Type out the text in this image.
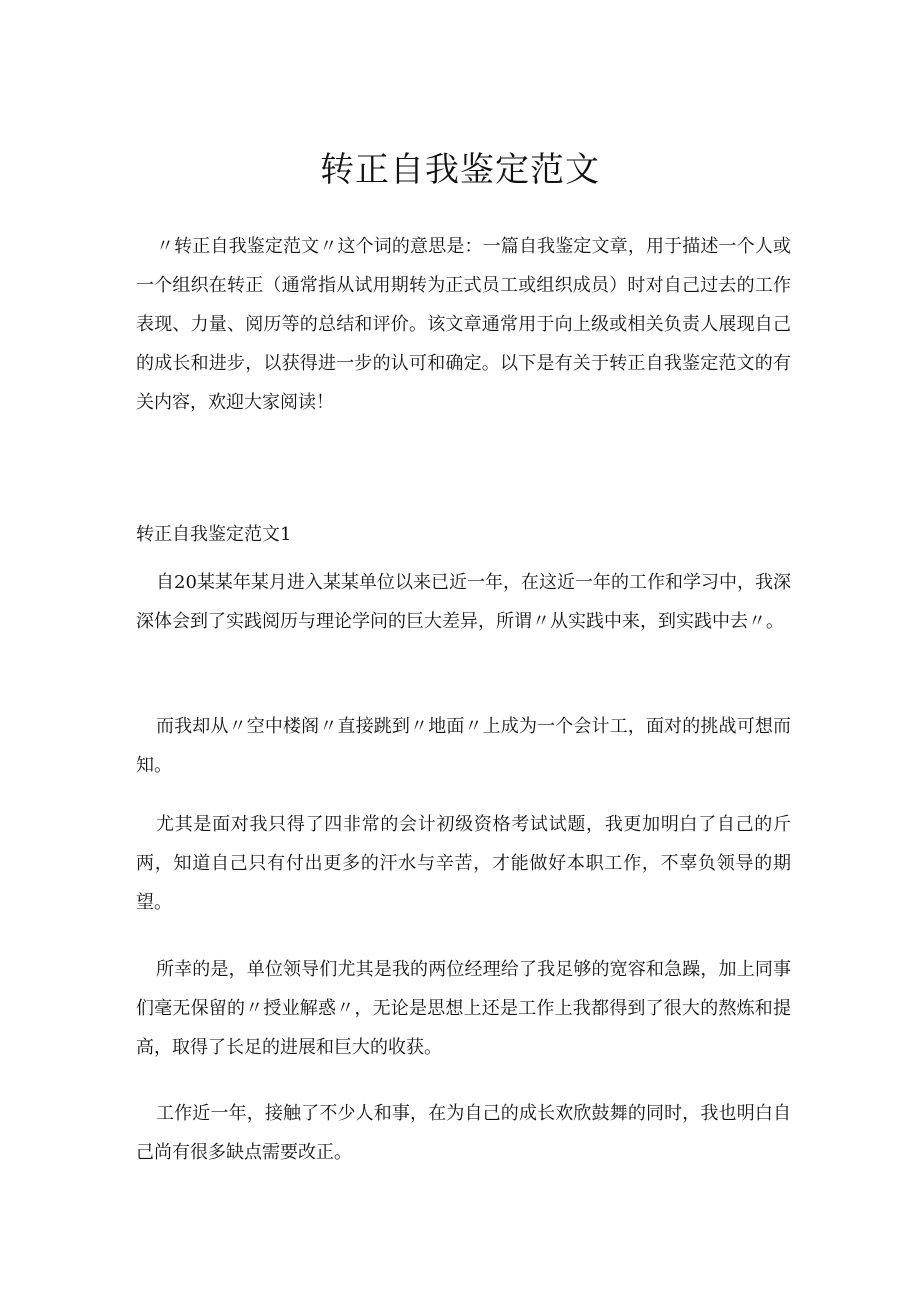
转正自我鉴定范文

〃转正自我鉴定范文〃这个词的意思是：一篇自我鉴定文章，用于描述一个人或一个组织在转正（通常指从试用期转为正式员工或组织成员）时对自己过去的工作表现、力量、阅历等的总结和评价。该文章通常用于向上级或相关负责人展现自己的成长和进步，以获得进一步的认可和确定。以下是有关于转正自我鉴定范文的有关内容，欢迎大家阅读！

转正自我鉴定范文1

自20某某年某月进入某某单位以来已近一年，在这近一年的工作和学习中，我深深体会到了实践阅历与理论学问的巨大差异，所谓〃从实践中来，到实践中去〃。

而我却从〃空中楼阁〃直接跳到〃地面〃上成为一个会计工，面对的挑战可想而知。

尤其是面对我只得了四非常的会计初级资格考试试题，我更加明白了自己的斤两，知道自己只有付出更多的汗水与辛苦，才能做好本职工作，不辜负领导的期望。

所幸的是，单位领导们尤其是我的两位经理给了我足够的宽容和急躁，加上同事们毫无保留的〃授业解惑〃，无论是思想上还是工作上我都得到了很大的熬炼和提高，取得了长足的进展和巨大的收获。

工作近一年，接触了不少人和事，在为自己的成长欢欣鼓舞的同时，我也明白自己尚有很多缺点需要改正。
